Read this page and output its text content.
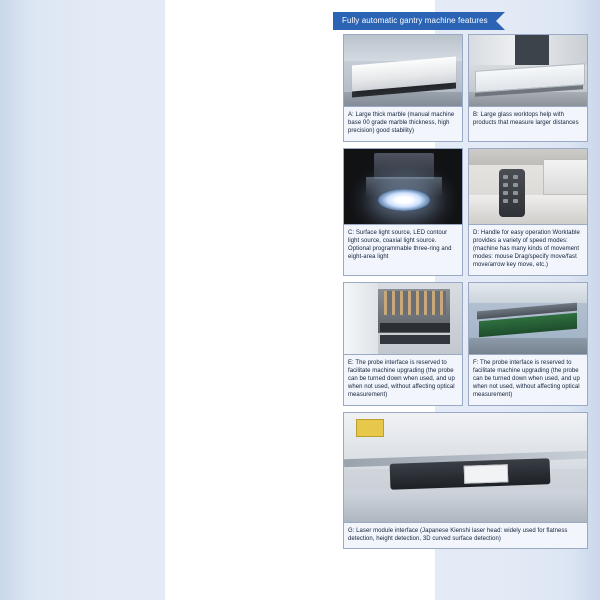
Fully automatic gantry machine features
A: Large thick marble (manual machine base 00 grade marble thickness, high precision) good stability)
B: Large glass worktops help with products that measure larger distances
C: Surface light source, LED contour light source, coaxial light source. Optional programmable three-ring and eight-area light
D: Handle for easy operation Worktable provides a variety of speed modes: (machine has many kinds of movement modes: mouse Drag/specify move/fast move/arrow key move, etc.)
E: The probe interface is reserved to facilitate machine upgrading (the probe can be turned down when used, and up when not used, without affecting optical measurement)
F: The probe interface is reserved to facilitate machine upgrading (the probe can be turned down when used, and up when not used, without affecting optical measurement)
G: Laser module interface (Japanese Kienshi laser head: widely used for flatness detection, height detection, 3D curved surface detection)
